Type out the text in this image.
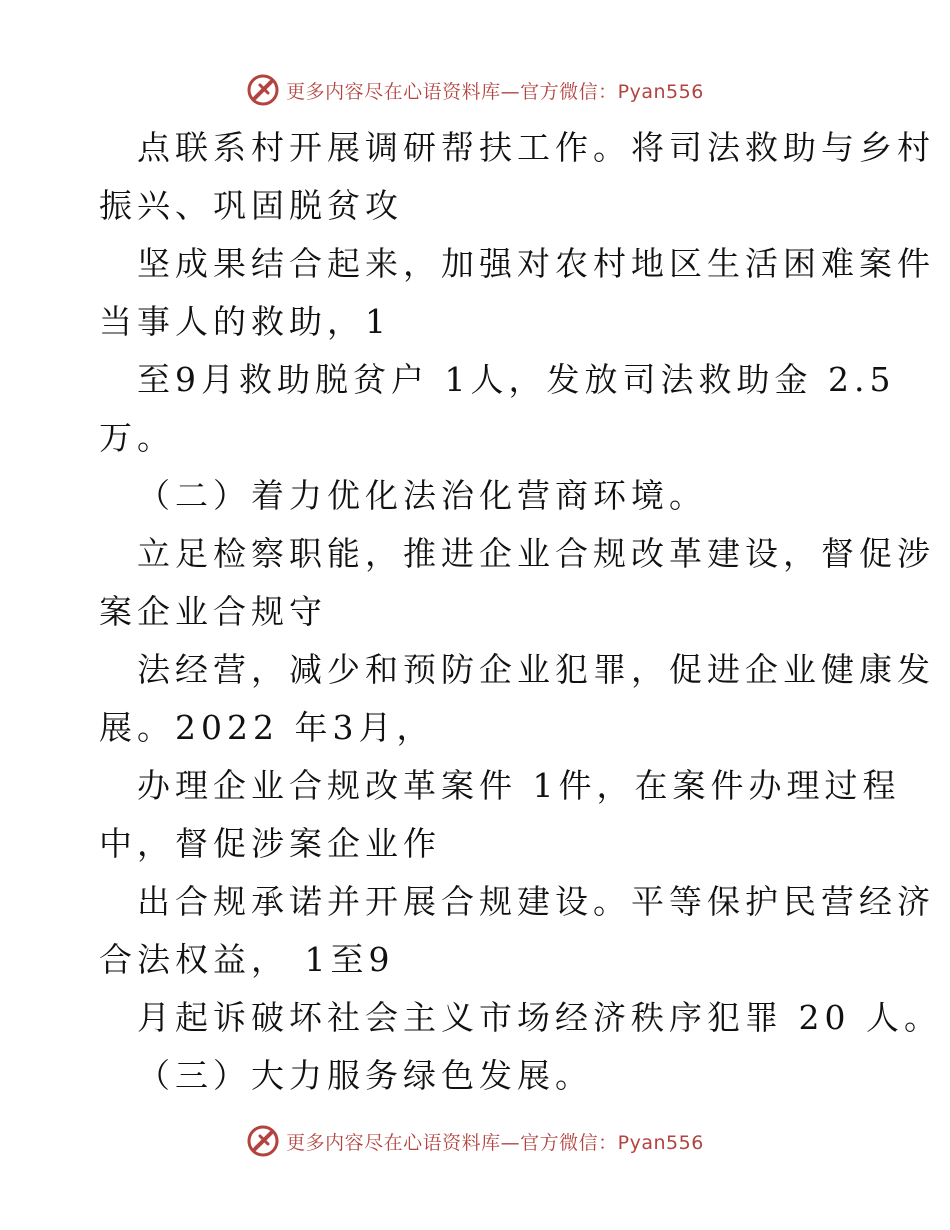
更多内容尽在心语资料库—官方微信：Pyan556
点联系村开展调研帮扶工作。将司法救助与乡村
振兴、巩固脱贫攻
坚成果结合起来，加强对农村地区生活困难案件
当事人的救助，1
至9月救助脱贫户 1人，发放司法救助金 2.5
万。
（二）着力优化法治化营商环境。
立足检察职能，推进企业合规改革建设，督促涉
案企业合规守
法经营，减少和预防企业犯罪，促进企业健康发
展。2022 年3月，
办理企业合规改革案件 1件，在案件办理过程
中，督促涉案企业作
出合规承诺并开展合规建设。平等保护民营经济
合法权益， 1至9
月起诉破坏社会主义市场经济秩序犯罪 20 人。
（三）大力服务绿色发展。
更多内容尽在心语资料库—官方微信：Pyan556
